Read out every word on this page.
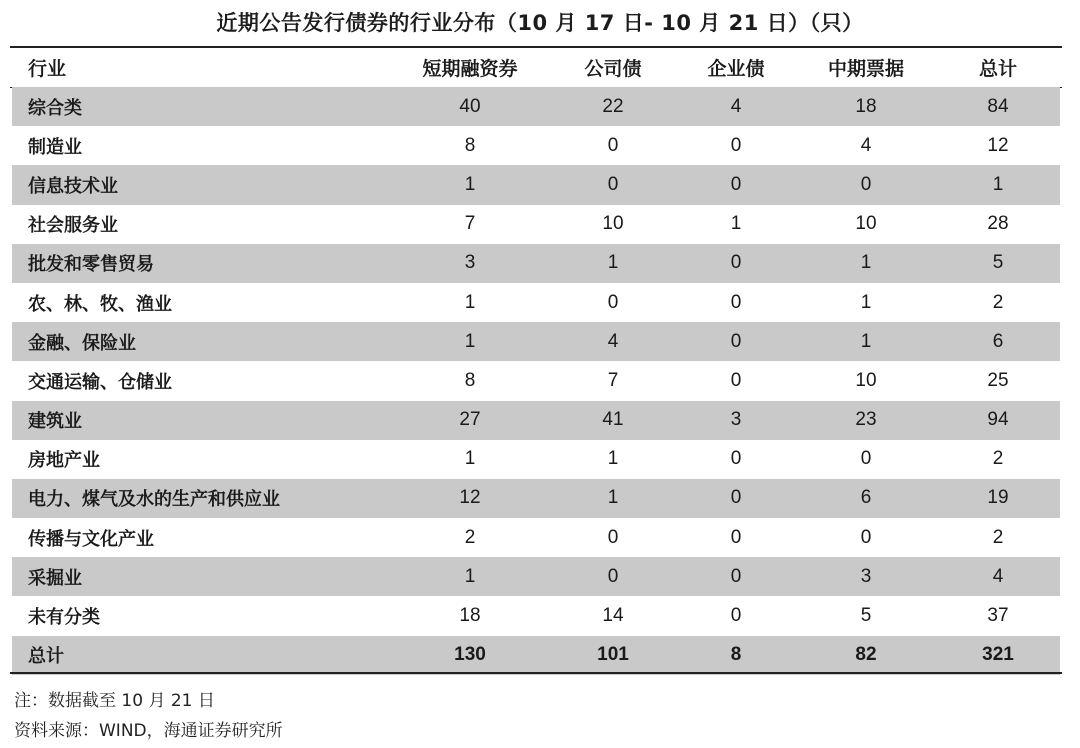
近期公告发行债券的行业分布（10 月 17 日- 10 月 21 日）（只）
行业	短期融资券	公司债	企业债	中期票据	总计
综合类	40	22	4	18	84
制造业	8	0	0	4	12
信息技术业	1	0	0	0	1
社会服务业	7	10	1	10	28
批发和零售贸易	3	1	0	1	5
农、林、牧、渔业	1	0	0	1	2
金融、保险业	1	4	0	1	6
交通运输、仓储业	8	7	0	10	25
建筑业	27	41	3	23	94
房地产业	1	1	0	0	2
电力、煤气及水的生产和供应业	12	1	0	6	19
传播与文化产业	2	0	0	0	2
采掘业	1	0	0	3	4
未有分类	18	14	0	5	37
总计	130	101	8	82	321
注：数据截至 10 月 21 日
资料来源：WIND，海通证券研究所
